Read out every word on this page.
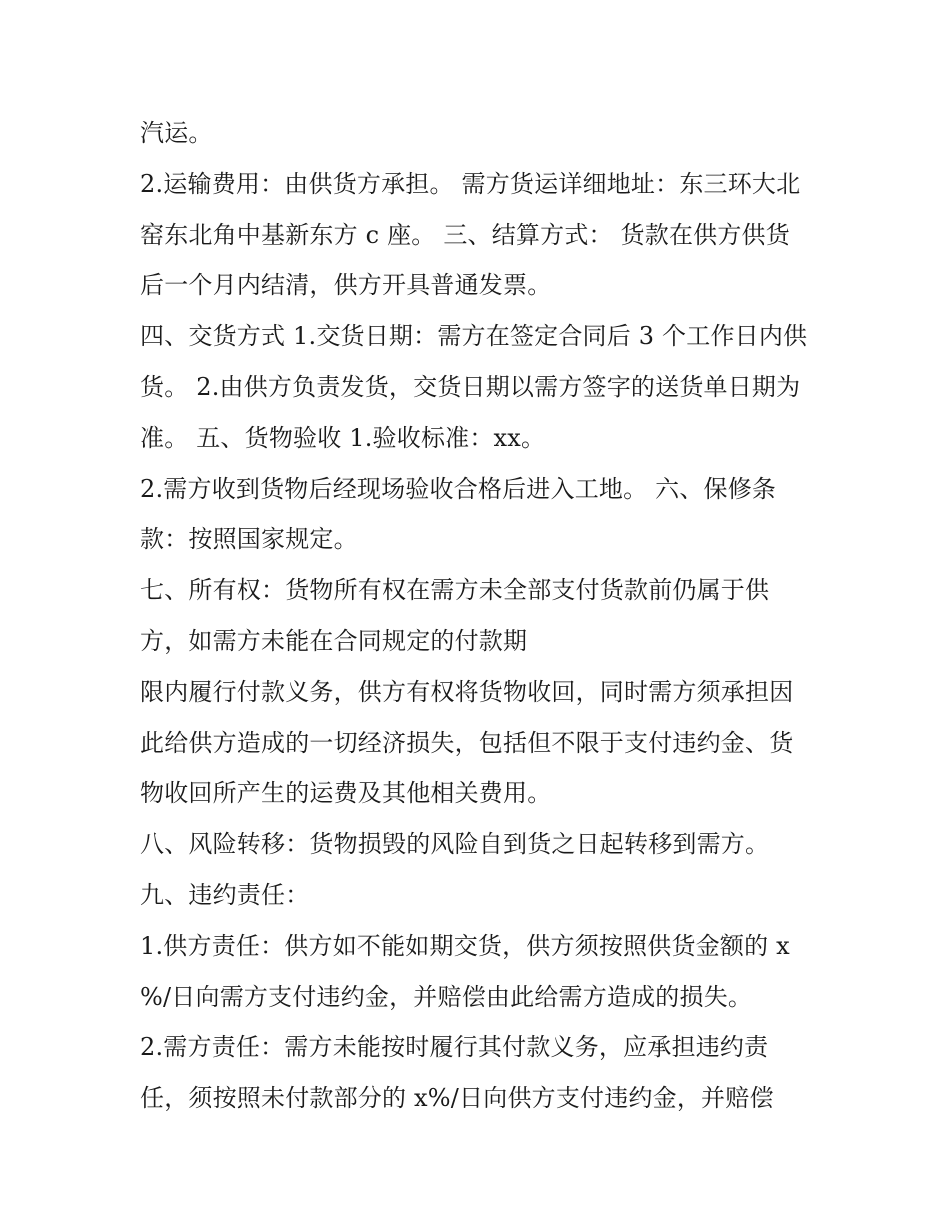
汽运。
2.运输费用：由供货方承担。 需方货运详细地址：东三环大北
窑东北角中基新东方 c 座。 三、结算方式： 货款在供方供货
后一个月内结清，供方开具普通发票。
四、交货方式 1.交货日期：需方在签定合同后 3 个工作日内供
货。 2.由供方负责发货，交货日期以需方签字的送货单日期为
准。 五、货物验收 1.验收标准：xx。
2.需方收到货物后经现场验收合格后进入工地。 六、保修条
款：按照国家规定。
七、所有权：货物所有权在需方未全部支付货款前仍属于供
方，如需方未能在合同规定的付款期
限内履行付款义务，供方有权将货物收回，同时需方须承担因
此给供方造成的一切经济损失，包括但不限于支付违约金、货
物收回所产生的运费及其他相关费用。
八、风险转移：货物损毁的风险自到货之日起转移到需方。
九、违约责任：
1.供方责任：供方如不能如期交货，供方须按照供货金额的 x
%/日向需方支付违约金，并赔偿由此给需方造成的损失。
2.需方责任：需方未能按时履行其付款义务，应承担违约责
任，须按照未付款部分的 x%/日向供方支付违约金，并赔偿
